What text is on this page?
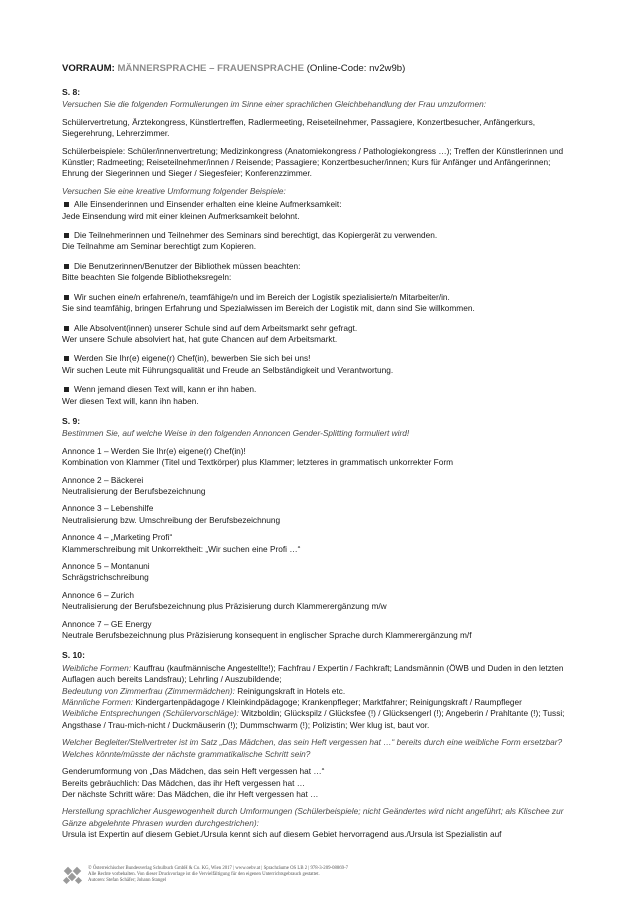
VORRAUM: MÄNNERSPRACHE – FRAUENSPRACHE (Online-Code: nv2w9b)
S. 8:
Versuchen Sie die folgenden Formulierungen im Sinne einer sprachlichen Gleichbehandlung der Frau umzuformen:
Schülervertretung, Ärztekongress, Künstlertreffen, Radlermeeting, Reiseteilnehmer, Passagiere, Konzertbesucher, Anfängerkurs, Siegerehrung, Lehrerzimmer.
Schülerbeispiele: Schüler/innenvertretung; Medizinkongress (Anatomiekongress / Pathologiekongress …); Treffen der Künstlerinnen und Künstler; Radmeeting; Reiseteilnehmer/innen / Reisende; Passagiere; Konzertbesucher/innen; Kurs für Anfänger und Anfängerinnen; Ehrung der Siegerinnen und Sieger / Siegesfeier; Konferenzzimmer.
Versuchen Sie eine kreative Umformung folgender Beispiele:
Alle Einsenderinnen und Einsender erhalten eine kleine Aufmerksamkeit:
Jede Einsendung wird mit einer kleinen Aufmerksamkeit belohnt.
Die Teilnehmerinnen und Teilnehmer des Seminars sind berechtigt, das Kopiergerät zu verwenden.
Die Teilnahme am Seminar berechtigt zum Kopieren.
Die Benutzerinnen/Benutzer der Bibliothek müssen beachten:
Bitte beachten Sie folgende Bibliotheksregeln:
Wir suchen eine/n erfahrene/n, teamfähige/n und im Bereich der Logistik spezialisierte/n Mitarbeiter/in.
Sie sind teamfähig, bringen Erfahrung und Spezialwissen im Bereich der Logistik mit, dann sind Sie willkommen.
Alle Absolvent(innen) unserer Schule sind auf dem Arbeitsmarkt sehr gefragt.
Wer unsere Schule absolviert hat, hat gute Chancen auf dem Arbeitsmarkt.
Werden Sie Ihr(e) eigene(r) Chef(in), bewerben Sie sich bei uns!
Wir suchen Leute mit Führungsqualität und Freude an Selbständigkeit und Verantwortung.
Wenn jemand diesen Text will, kann er ihn haben.
Wer diesen Text will, kann ihn haben.
S. 9:
Bestimmen Sie, auf welche Weise in den folgenden Annoncen Gender-Splitting formuliert wird!
Annonce 1 – Werden Sie Ihr(e) eigene(r) Chef(in)!
Kombination von Klammer (Titel und Textkörper) plus Klammer; letzteres in grammatisch unkorrekter Form
Annonce 2 – Bäckerei
Neutralisierung der Berufsbezeichnung
Annonce 3 – Lebenshilfe
Neutralisierung bzw. Umschreibung der Berufsbezeichnung
Annonce 4 – „Marketing Profi“
Klammerschreibung mit Unkorrektheit: „Wir suchen eine Profi …“
Annonce 5 – Montanuni
Schrägstrichschreibung
Annonce 6 – Zurich
Neutralisierung der Berufsbezeichnung plus Präzisierung durch Klammerergänzung m/w
Annonce 7 – GE Energy
Neutrale Berufsbezeichnung plus Präzisierung konsequent in englischer Sprache durch Klammerergänzung m/f
S. 10:
Weibliche Formen: Kauffrau (kaufmännische Angestellte!); Fachfrau / Expertin / Fachkraft; Landsmännin (ÖWB und Duden in den letzten Auflagen auch bereits Landsfrau); Lehrling / Auszubildende;
Bedeutung von Zimmerfrau (Zimmermädchen): Reinigungskraft in Hotels etc.
Männliche Formen: Kindergartenpädagoge / Kleinkindpädagoge; Krankenpfleger; Marktfahrer; Reinigungskraft / Raumpfleger
Weibliche Entsprechungen (Schülervorschläge): Witzboldin; Glückspilz / Glücksfee (!) / Glücksengerl (!); Angeberin / Prahltante (!); Tussi; Angsthase / Trau-mich-nicht / Duckmäuserin (!); Dummschwarm (!); Polizistin; Wer klug ist, baut vor.
Welcher Begleiter/Stellvertreter ist im Satz „Das Mädchen, das sein Heft vergessen hat …“ bereits durch eine weibliche Form ersetzbar? Welches könnte/müsste der nächste grammatikalische Schritt sein?
Genderumformung von „Das Mädchen, das sein Heft vergessen hat …“
Bereits gebräuchlich: Das Mädchen, das ihr Heft vergessen hat …
Der nächste Schritt wäre: Das Mädchen, die ihr Heft vergessen hat …
Herstellung sprachlicher Ausgewogenheit durch Umformungen (Schülerbeispiele; nicht Geändertes wird nicht angeführt; als Klischee zur Gänze abgelehnte Phrasen wurden durchgestrichen):
Ursula ist Expertin auf diesem Gebiet./Ursula kennt sich auf diesem Gebiet hervorragend aus./Ursula ist Spezialistin auf
© Österreichischer Bundesverlag Schulbuch GmbH & Co. KG, Wien 2017 | www.oebv.at | Sprachräume OS LB 2 | 978-3-209-08869-7
Alle Rechte vorbehalten. Von dieser Druckvorlage ist die Vervielfältigung für den eigenen Unterrichtsgebrauch gestattet.
Autoren: Stefan Schäfer; Johann Stangel
